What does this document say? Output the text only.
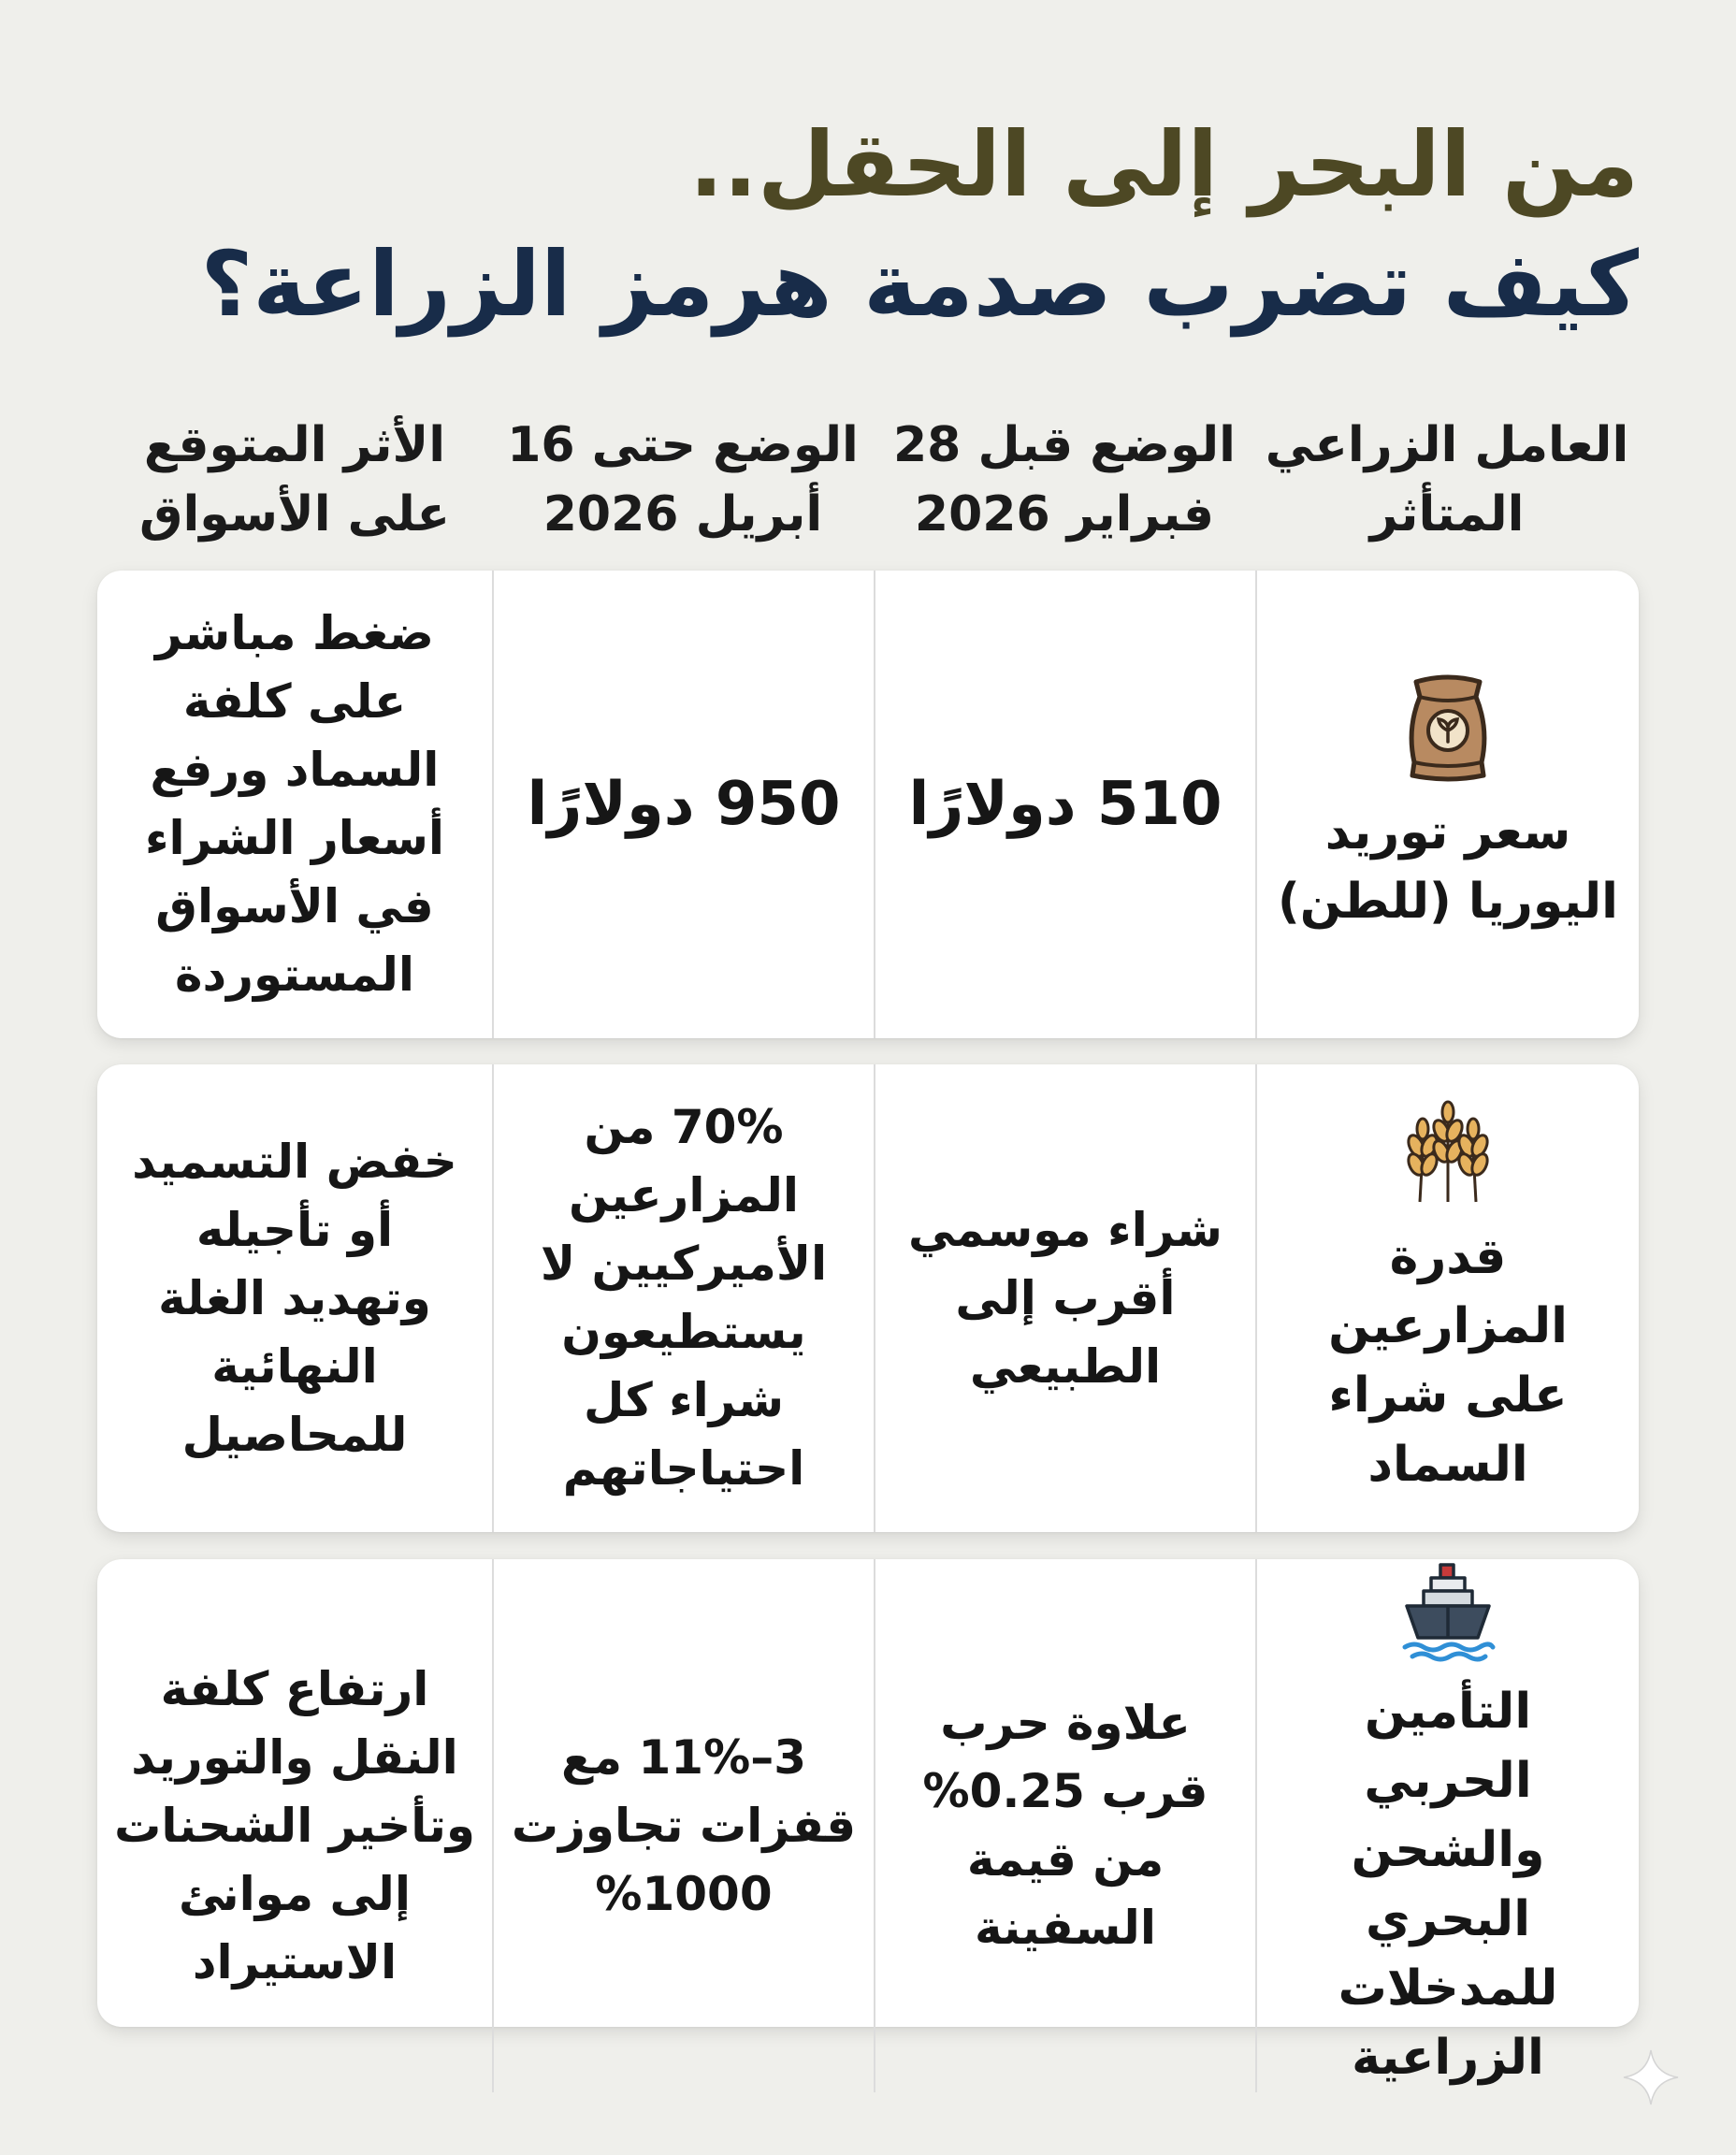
من البحر إلى الحقل..

كيف تضرب صدمة هرمز الزراعة؟

العامل الزراعي المتأثر
الوضع قبل 28 فبراير 2026
الوضع حتى 16 أبريل 2026
الأثر المتوقع على الأسواق
سعر توريد اليوريا (للطن)
510 دولارًا
950 دولارًا
ضغط مباشر على كلفة السماد ورفع أسعار الشراء في الأسواق المستوردة
قدرة المزارعين على شراء السماد
شراء موسمي أقرب إلى الطبيعي
70% من المزارعين الأميركيين لا يستطيعون شراء كل احتياجاتهم
خفض التسميد أو تأجيله وتهديد الغلة النهائية للمحاصيل
التأمين الحربي والشحن البحري للمدخلات الزراعية
علاوة حرب قرب 0.25% من قيمة السفينة
3–11% مع قفزات تجاوزت 1000%
ارتفاع كلفة النقل والتوريد وتأخير الشحنات إلى موانئ الاستيراد
